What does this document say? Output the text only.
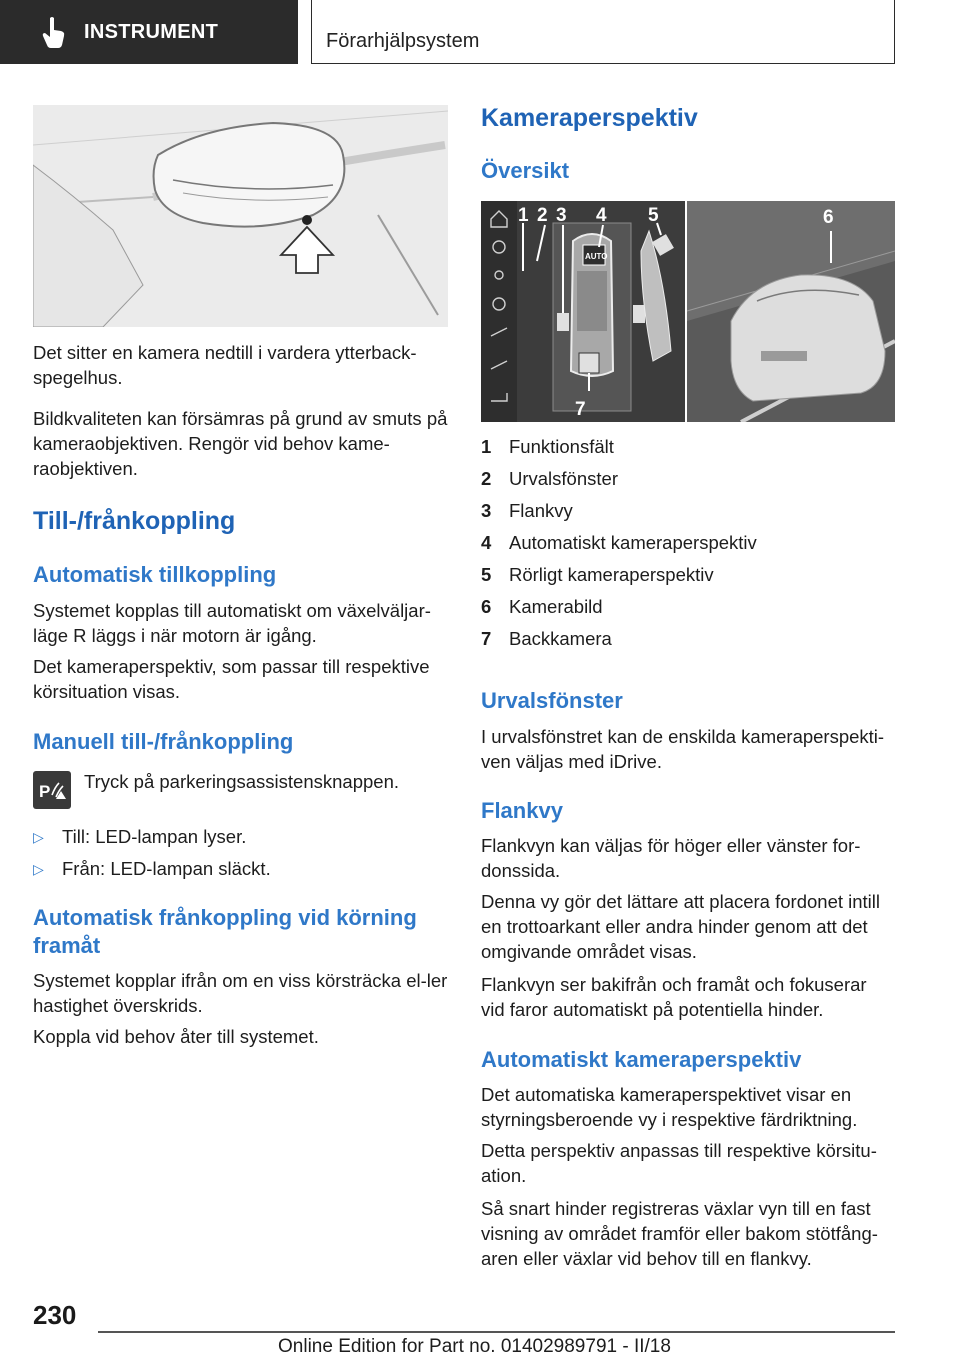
INSTRUMENT	Förarhjälpsystem
Det sitter en kamera nedtill i vardera ytterback‐spegelhus.
Bildkvaliteten kan försämras på grund av smuts på kameraobjektiven. Rengör vid behov kame‐raobjektiven.
Till-/frånkoppling
Automatisk tillkoppling
Systemet kopplas till automatiskt om växelväljar‐läge R läggs i när motorn är igång.
Det kameraperspektiv, som passar till respektive körsituation visas.
Manuell till-/frånkoppling
P Tryck på parkeringsassistensknappen.
▷ Till: LED-lampan lyser.
▷ Från: LED-lampan släckt.
Automatisk frånkoppling vid körning
framåt
Systemet kopplar ifrån om en viss körsträcka el‐ler hastighet överskrids.
Koppla vid behov åter till systemet.
Kameraperspektiv
Översikt
AUTO
1 2 3 4 5	6
7
1 Funktionsfält
2 Urvalsfönster
3 Flankvy
4 Automatiskt kameraperspektiv
5 Rörligt kameraperspektiv
6 Kamerabild
7 Backkamera
Urvalsfönster
I urvalsfönstret kan de enskilda kameraperspekti‐ven väljas med iDrive.
Flankvy
Flankvyn kan väljas för höger eller vänster for‐donssida.
Denna vy gör det lättare att placera fordonet intill en trottoarkant eller andra hinder genom att det omgivande området visas.
Flankvyn ser bakifrån och framåt och fokuserar vid faror automatiskt på potentiella hinder.
Automatiskt kameraperspektiv
Det automatiska kameraperspektivet visar en styrningsberoende vy i respektive färdriktning.
Detta perspektiv anpassas till respektive körsitu‐ation.
Så snart hinder registreras växlar vyn till en fast visning av området framför eller bakom stötfång‐aren eller växlar vid behov till en flankvy.
230
Online Edition for Part no. 01402989791 - II/18
